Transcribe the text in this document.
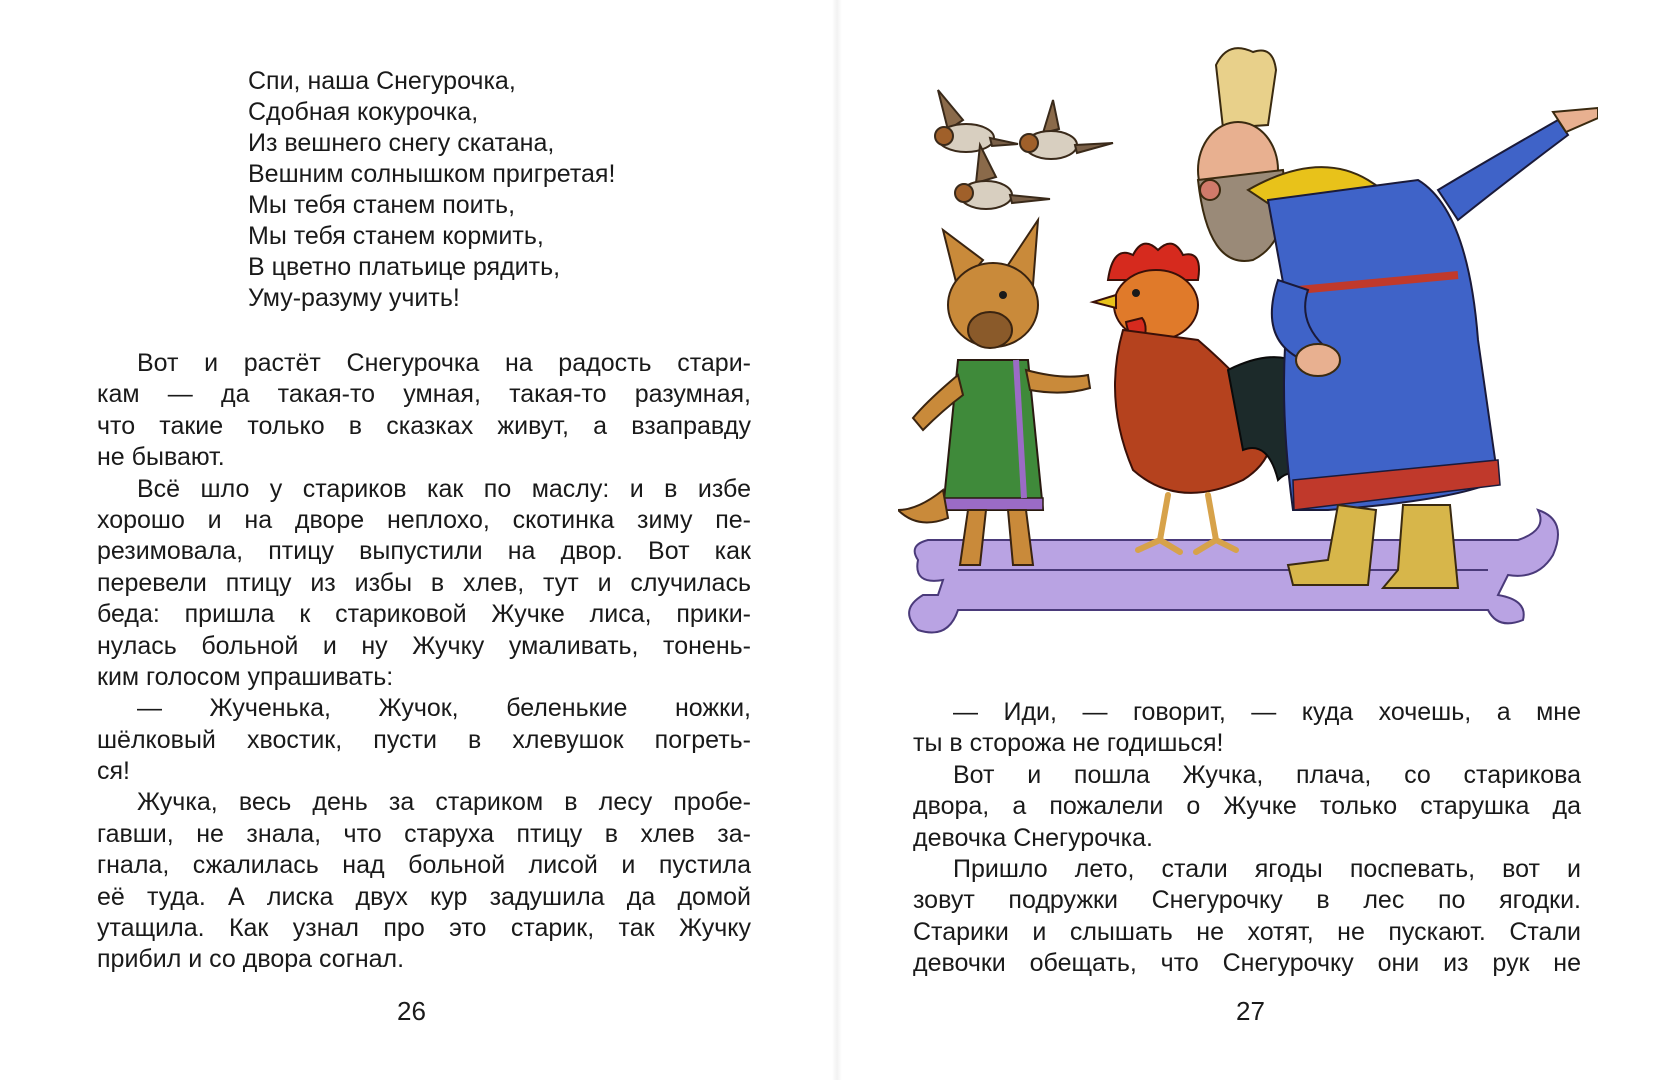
Спи, наша Снегурочка,
Сдобная кокурочка,
Из вешнего снегу скатана,
Вешним солнышком пригретая!
Мы тебя станем поить,
Мы тебя станем кормить,
В цветно платьице рядить,
Уму-разуму учить!
Вот и растёт Снегурочка на радость стари-
кам — да такая-то умная, такая-то разумная,
что такие только в сказках живут, а взаправду
не бывают.
Всё шло у стариков как по маслу: и в избе
хорошо и на дворе неплохо, скотинка зиму пе-
резимовала, птицу выпустили на двор. Вот как
перевели птицу из избы в хлев, тут и случилась
беда: пришла к стариковой Жучке лиса, прики-
нулась больной и ну Жучку умаливать, тонень-
ким голосом упрашивать:
— Жученька, Жучок, беленькие ножки,
шёлковый хвостик, пусти в хлевушок погреть-
ся!
Жучка, весь день за стариком в лесу пробе-
гавши, не знала, что старуха птицу в хлев за-
гнала, сжалилась над больной лисой и пустила
её туда. А лиска двух кур задушила да домой
утащила. Как узнал про это старик, так Жучку
прибил и со двора согнал.
26
— Иди, — говорит, — куда хочешь, а мне
ты в сторожа не годишься!
Вот и пошла Жучка, плача, со старикова
двора, а пожалели о Жучке только старушка да
девочка Снегурочка.
Пришло лето, стали ягоды поспевать, вот и
зовут подружки Снегурочку в лес по ягодки.
Старики и слышать не хотят, не пускают. Стали
девочки обещать, что Снегурочку они из рук не
27
